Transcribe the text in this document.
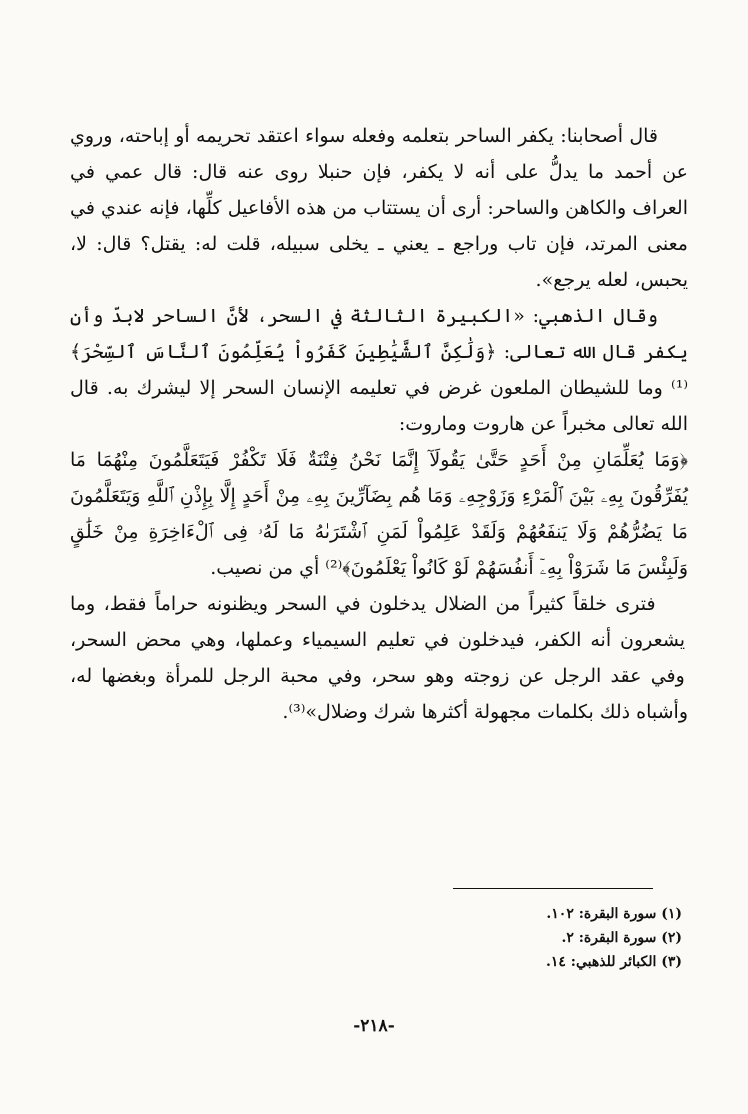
قال أصحابنا: يكفر الساحر بتعلمه وفعله سواء اعتقد تحريمه أو إباحته، وروي عن أحمد ما يدلُّ على أنه لا يكفر، فإن حنبلا روى عنه قال: قال عمي في العراف والكاهن والساحر: أرى أن يستتاب من هذه الأفاعيل كلِّها، فإنه عندي في معنى المرتد، فإن تاب وراجع ـ يعني ـ يخلى سبيله، قلت له: يقتل؟ قال: لا، يحبس، لعله يرجع».
وقال الذهبي: «الكبيرة الثالثة في السحر، لأنَّ الساحر لابدّ وأن يكفر قال الله تعالى: ﴿وَلَٰكِنَّ ٱلشَّيَٰطِينَ كَفَرُواْ يُعَلِّمُونَ ٱلنَّاسَ ٱلسِّحْرَ﴾⁽¹⁾ وما للشيطان الملعون غرض في تعليمه الإنسان السحر إلا ليشرك به. قال الله تعالى مخبراً عن هاروت وماروت:
﴿وَمَا يُعَلِّمَانِ مِنْ أَحَدٍ حَتَّىٰ يَقُولَآ إِنَّمَا نَحْنُ فِتْنَةٌ فَلَا تَكْفُرْ فَيَتَعَلَّمُونَ مِنْهُمَا مَا يُفَرِّقُونَ بِهِۦ بَيْنَ ٱلْمَرْءِ وَزَوْجِهِۦ وَمَا هُم بِضَآرِّينَ بِهِۦ مِنْ أَحَدٍ إِلَّا بِإِذْنِ ٱللَّهِ وَيَتَعَلَّمُونَ مَا يَضُرُّهُمْ وَلَا يَنفَعُهُمْ وَلَقَدْ عَلِمُواْ لَمَنِ ٱشْتَرَىٰهُ مَا لَهُۥ فِى ٱلْءَاخِرَةِ مِنْ خَلَٰقٍ وَلَبِئْسَ مَا شَرَوْاْ بِهِۦٓ أَنفُسَهُمْ لَوْ كَانُواْ يَعْلَمُونَ﴾⁽²⁾ أي من نصيب.
فترى خلقاً كثيراً من الضلال يدخلون في السحر ويظنونه حراماً فقط، وما يشعرون أنه الكفر، فيدخلون في تعليم السيمياء وعملها، وهي محض السحر، وفي عقد الرجل عن زوجته وهو سحر، وفي محبة الرجل للمرأة وبغضها له، وأشباه ذلك بكلمات مجهولة أكثرها شرك وضلال»⁽³⁾.
(١) سورة البقرة: ١٠٢.
(٢) سورة البقرة: ٢.
(٣) الكبائر للذهبي: ١٤.
-٢١٨-
